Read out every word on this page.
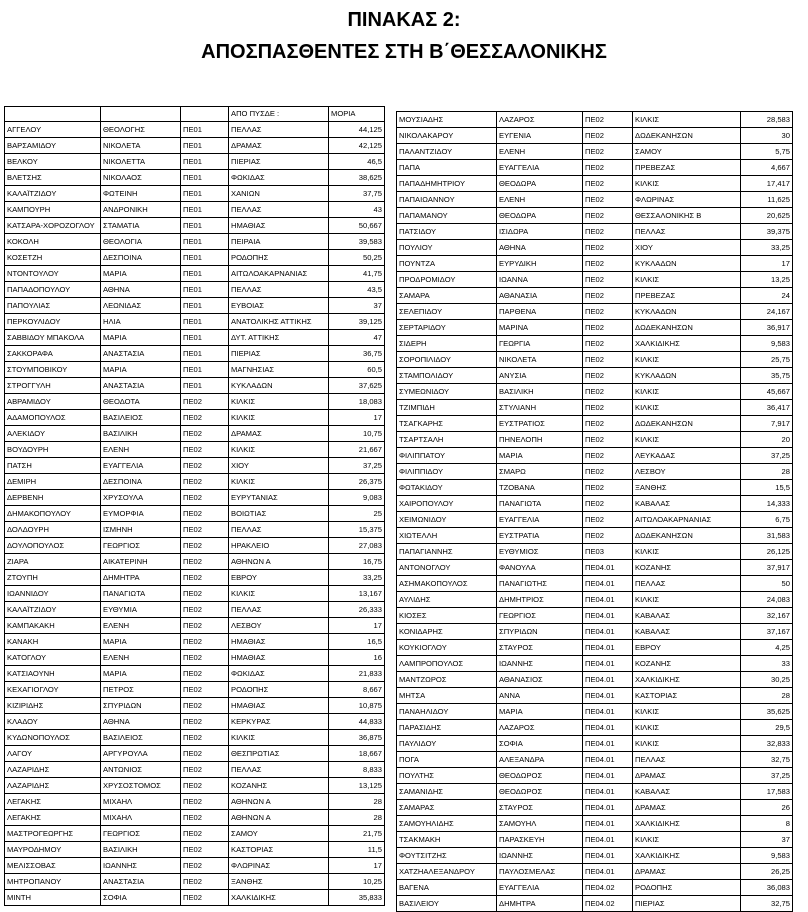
ΠΙΝΑΚΑΣ 2:
ΑΠΟΣΠΑΣΘΕΝΤΕΣ ΣΤΗ Β΄ΘΕΣΣΑΛΟΝΙΚΗΣ
			ΑΠΟ ΠΥΣΔΕ :	ΜΟΡΙΑ
ΑΓΓΕΛΟΥ	ΘΕΟΛΟΓΗΣ	ΠΕ01	ΠΕΛΛΑΣ	44,125
ΒΑΡΣΑΜΙΔΟΥ	ΝΙΚΟΛΕΤΑ	ΠΕ01	ΔΡΑΜΑΣ	42,125
ΒΕΛΚΟΥ	ΝΙΚΟΛΕΤΤΑ	ΠΕ01	ΠΙΕΡΙΑΣ	46,5
ΒΛΕΤΣΗΣ	ΝΙΚΟΛΑΟΣ	ΠΕ01	ΦΩΚΙΔΑΣ	38,625
ΚΑΛΑΪΤΖΙΔΟΥ	ΦΩΤΕΙΝΗ	ΠΕ01	ΧΑΝΙΩΝ	37,75
ΚΑΜΠΟΥΡΗ	ΑΝΔΡΟΝΙΚΗ	ΠΕ01	ΠΕΛΛΑΣ	43
ΚΑΤΣΑΡΑ-ΧΟΡΟΖΟΓΛΟΥ	ΣΤΑΜΑΤΙΑ	ΠΕ01	ΗΜΑΘΙΑΣ	50,667
ΚΟΚΟΛΗ	ΘΕΟΛΟΓΙΑ	ΠΕ01	ΠΕΙΡΑΙΑ	39,583
ΚΟΣΕΤΖΗ	ΔΕΣΠΟΙΝΑ	ΠΕ01	ΡΟΔΟΠΗΣ	50,25
ΝΤΟΝΤΟΥΛΟΥ	ΜΑΡΙΑ	ΠΕ01	ΑΙΤΩΛΟΑΚΑΡΝΑΝΙΑΣ	41,75
ΠΑΠΑΔΟΠΟΥΛΟΥ	ΑΘΗΝΑ	ΠΕ01	ΠΕΛΛΑΣ	43,5
ΠΑΠΟΥΛΙΑΣ	ΛΕΩΝΙΔΑΣ	ΠΕ01	ΕΥΒΟΙΑΣ	37
ΠΕΡΚΟΥΛΙΔΟΥ	ΗΛΙΑ	ΠΕ01	ΑΝΑΤΟΛΙΚΗΣ ΑΤΤΙΚΗΣ	39,125
ΣΑΒΒΙΔΟΥ ΜΠΑΚΟΛΑ	ΜΑΡΙΑ	ΠΕ01	ΔΥΤ. ΑΤΤΙΚΗΣ	47
ΣΑΚΚΟΡΑΦΑ	ΑΝΑΣΤΑΣΙΑ	ΠΕ01	ΠΙΕΡΙΑΣ	36,75
ΣΤΟΥΜΠΟΒΙΚΟΥ	ΜΑΡΙΑ	ΠΕ01	ΜΑΓΝΗΣΙΑΣ	60,5
ΣΤΡΟΓΓΥΛΗ	ΑΝΑΣΤΑΣΙΑ	ΠΕ01	ΚΥΚΛΑΔΩΝ	37,625
ΑΒΡΑΜΙΔΟΥ	ΘΕΟΔΟΤΑ	ΠΕ02	ΚΙΛΚΙΣ	18,083
ΑΔΑΜΟΠΟΥΛΟΣ	ΒΑΣΙΛΕΙΟΣ	ΠΕ02	ΚΙΛΚΙΣ	17
ΑΛΕΚΙΔΟΥ	ΒΑΣΙΛΙΚΗ	ΠΕ02	ΔΡΑΜΑΣ	10,75
ΒΟΥΔΟΥΡΗ	ΕΛΕΝΗ	ΠΕ02	ΚΙΛΚΙΣ	21,667
ΠΑΤΣΗ	ΕΥΑΓΓΕΛΙΑ	ΠΕ02	ΧΙΟΥ	37,25
ΔΕΜΙΡΗ	ΔΕΣΠΟΙΝΑ	ΠΕ02	ΚΙΛΚΙΣ	26,375
ΔΕΡΒΕΝΗ	ΧΡΥΣΟΥΛΑ	ΠΕ02	ΕΥΡΥΤΑΝΙΑΣ	9,083
ΔΗΜΑΚΟΠΟΥΛΟΥ	ΕΥΜΟΡΦΙΑ	ΠΕ02	ΒΟΙΩΤΙΑΣ	25
ΔΟΛΔΟΥΡΗ	ΙΣΜΗΝΗ	ΠΕ02	ΠΕΛΛΑΣ	15,375
ΔΟΥΛΟΠΟΥΛΟΣ	ΓΕΩΡΓΙΟΣ	ΠΕ02	ΗΡΑΚΛΕΙΟ	27,083
ΖΙΑΡΑ	ΑΙΚΑΤΕΡΙΝΗ	ΠΕ02	ΑΘΗΝΩΝ Α	16,75
ΖΤΟΥΠΗ	ΔΗΜΗΤΡΑ	ΠΕ02	ΕΒΡΟΥ	33,25
ΙΩΑΝΝΙΔΟΥ	ΠΑΝΑΓΙΩΤΑ	ΠΕ02	ΚΙΛΚΙΣ	13,167
ΚΑΛΑΪΤΖΙΔΟΥ	ΕΥΘΥΜΙΑ	ΠΕ02	ΠΕΛΛΑΣ	26,333
ΚΑΜΠΑΚΑΚΗ	ΕΛΕΝΗ	ΠΕ02	ΛΕΣΒΟΥ	17
ΚΑΝΑΚΗ	ΜΑΡΙΑ	ΠΕ02	ΗΜΑΘΙΑΣ	16,5
ΚΑΤΟΓΛΟΥ	ΕΛΕΝΗ	ΠΕ02	ΗΜΑΘΙΑΣ	16
ΚΑΤΣΙΑΟΥΝΗ	ΜΑΡΙΑ	ΠΕ02	ΦΩΚΙΔΑΣ	21,833
ΚΕΧΑΓΙΟΓΛΟΥ	ΠΕΤΡΟΣ	ΠΕ02	ΡΟΔΟΠΗΣ	8,667
ΚΙΖΙΡΙΔΗΣ	ΣΠΥΡΙΔΩΝ	ΠΕ02	ΗΜΑΘΙΑΣ	10,875
ΚΛΑΔΟΥ	ΑΘΗΝΑ	ΠΕ02	ΚΕΡΚΥΡΑΣ	44,833
ΚΥΔΩΝΟΠΟΥΛΟΣ	ΒΑΣΙΛΕΙΟΣ	ΠΕ02	ΚΙΛΚΙΣ	36,875
ΛΑΓΟΥ	ΑΡΓΥΡΟΥΛΑ	ΠΕ02	ΘΕΣΠΡΩΤΙΑΣ	18,667
ΛΑΖΑΡΙΔΗΣ	ΑΝΤΩΝΙΟΣ	ΠΕ02	ΠΕΛΛΑΣ	8,833
ΛΑΖΑΡΙΔΗΣ	ΧΡΥΣΟΣΤΟΜΟΣ	ΠΕ02	ΚΟΖΑΝΗΣ	13,125
ΛΕΓΑΚΗΣ	ΜΙΧΑΗΛ	ΠΕ02	ΑΘΗΝΩΝ Α	28
ΛΕΓΑΚΗΣ	ΜΙΧΑΗΛ	ΠΕ02	ΑΘΗΝΩΝ Α	28
ΜΑΣΤΡΟΓΕΩΡΓΗΣ	ΓΕΩΡΓΙΟΣ	ΠΕ02	ΣΑΜΟΥ	21,75
ΜΑΥΡΟΔΗΜΟΥ	ΒΑΣΙΛΙΚΗ	ΠΕ02	ΚΑΣΤΟΡΙΑΣ	11,5
ΜΕΛΙΣΣΟΒΑΣ	ΙΩΑΝΝΗΣ	ΠΕ02	ΦΛΩΡΙΝΑΣ	17
ΜΗΤΡΟΠΑΝΟΥ	ΑΝΑΣΤΑΣΙΑ	ΠΕ02	ΞΑΝΘΗΣ	10,25
ΜΙΝΤΗ	ΣΟΦΙΑ	ΠΕ02	ΧΑΛΚΙΔΙΚΗΣ	35,833
ΜΟΥΣΙΑΔΗΣ	ΛΑΖΑΡΟΣ	ΠΕ02	ΚΙΛΚΙΣ	28,583
ΝΙΚΟΛΑΚΑΡΟΥ	ΕΥΓΕΝΙΑ	ΠΕ02	ΔΩΔΕΚΑΝΗΣΩΝ	30
ΠΑΛΑΝΤΖΙΔΟΥ	ΕΛΕΝΗ	ΠΕ02	ΣΑΜΟΥ	5,75
ΠΑΠΑ	ΕΥΑΓΓΕΛΙΑ	ΠΕ02	ΠΡΕΒΕΖΑΣ	4,667
ΠΑΠΑΔΗΜΗΤΡΙΟΥ	ΘΕΟΔΩΡΑ	ΠΕ02	ΚΙΛΚΙΣ	17,417
ΠΑΠΑΙΩΑΝΝΟΥ	ΕΛΕΝΗ	ΠΕ02	ΦΛΩΡΙΝΑΣ	11,625
ΠΑΠΑΜΑΝΟΥ	ΘΕΟΔΩΡΑ	ΠΕ02	ΘΕΣΣΑΛΟΝΙΚΗΣ Β	20,625
ΠΑΤΣΙΔΟΥ	ΙΣΙΔΩΡΑ	ΠΕ02	ΠΕΛΛΑΣ	39,375
ΠΟΥΛΙΟΥ	ΑΘΗΝΑ	ΠΕ02	ΧΙΟΥ	33,25
ΠΟΥΝΤΖΑ	ΕΥΡΥΔΙΚΗ	ΠΕ02	ΚΥΚΛΑΔΩΝ	17
ΠΡΟΔΡΟΜΙΔΟΥ	ΙΩΑΝΝΑ	ΠΕ02	ΚΙΛΚΙΣ	13,25
ΣΑΜΑΡΑ	ΑΘΑΝΑΣΙΑ	ΠΕ02	ΠΡΕΒΕΖΑΣ	24
ΣΕΛΕΠΙΔΟΥ	ΠΑΡΘΕΝΑ	ΠΕ02	ΚΥΚΛΑΔΩΝ	24,167
ΣΕΡΤΑΡΙΔΟΥ	ΜΑΡΙΝΑ	ΠΕ02	ΔΩΔΕΚΑΝΗΣΩΝ	36,917
ΣΙΔΕΡΗ	ΓΕΩΡΓΙΑ	ΠΕ02	ΧΑΛΚΙΔΙΚΗΣ	9,583
ΣΟΡΟΠΙΛΙΔΟΥ	ΝΙΚΟΛΕΤΑ	ΠΕ02	ΚΙΛΚΙΣ	25,75
ΣΤΑΜΠΟΛΙΔΟΥ	ΑΝΥΣΙΑ	ΠΕ02	ΚΥΚΛΑΔΩΝ	35,75
ΣΥΜΕΩΝΙΔΟΥ	ΒΑΣΙΛΙΚΗ	ΠΕ02	ΚΙΛΚΙΣ	45,667
ΤΖΙΜΠΙΔΗ	ΣΤΥΛΙΑΝΗ	ΠΕ02	ΚΙΛΚΙΣ	36,417
ΤΣΑΓΚΑΡΗΣ	ΕΥΣΤΡΑΤΙΟΣ	ΠΕ02	ΔΩΔΕΚΑΝΗΣΩΝ	7,917
ΤΣΑΡΤΣΑΛΗ	ΠΗΝΕΛΟΠΗ	ΠΕ02	ΚΙΛΚΙΣ	20
ΦΙΛΙΠΠΑΤΟΥ	ΜΑΡΙΑ	ΠΕ02	ΛΕΥΚΑΔΑΣ	37,25
ΦΙΛΙΠΠΙΔΟΥ	ΣΜΑΡΩ	ΠΕ02	ΛΕΣΒΟΥ	28
ΦΩΤΑΚΙΔΟΥ	ΤΖΟΒΑΝΑ	ΠΕ02	ΞΑΝΘΗΣ	15,5
ΧΑΙΡΟΠΟΥΛΟΥ	ΠΑΝΑΓΙΩΤΑ	ΠΕ02	ΚΑΒΑΛΑΣ	14,333
ΧΕΙΜΩΝΙΔΟΥ	ΕΥΑΓΓΕΛΙΑ	ΠΕ02	ΑΙΤΩΛΟΑΚΑΡΝΑΝΙΑΣ	6,75
ΧΙΩΤΕΛΛΗ	ΕΥΣΤΡΑΤΙΑ	ΠΕ02	ΔΩΔΕΚΑΝΗΣΩΝ	31,583
ΠΑΠΑΓΙΑΝΝΗΣ	ΕΥΘΥΜΙΟΣ	ΠΕ03	ΚΙΛΚΙΣ	26,125
ΑΝΤΟΝΟΓΛΟΥ	ΦΑΝΟΥΛΑ	ΠΕ04.01	ΚΟΖΑΝΗΣ	37,917
ΑΣΗΜΑΚΟΠΟΥΛΟΣ	ΠΑΝΑΓΙΩΤΗΣ	ΠΕ04.01	ΠΕΛΛΑΣ	50
ΑΥΛΙΔΗΣ	ΔΗΜΗΤΡΙΟΣ	ΠΕ04.01	ΚΙΛΚΙΣ	24,083
ΚΙΟΣΕΣ	ΓΕΩΡΓΙΟΣ	ΠΕ04.01	ΚΑΒΑΛΑΣ	32,167
ΚΟΝΙΔΑΡΗΣ	ΣΠΥΡΙΔΩΝ	ΠΕ04.01	ΚΑΒΑΛΑΣ	37,167
ΚΟΥΚΙΟΓΛΟΥ	ΣΤΑΥΡΟΣ	ΠΕ04.01	ΕΒΡΟΥ	4,25
ΛΑΜΠΡΟΠΟΥΛΟΣ	ΙΩΑΝΝΗΣ	ΠΕ04.01	ΚΟΖΑΝΗΣ	33
ΜΑΝΤΖΩΡΟΣ	ΑΘΑΝΑΣΙΟΣ	ΠΕ04.01	ΧΑΛΚΙΔΙΚΗΣ	30,25
ΜΗΤΣΑ	ΑΝΝΑ	ΠΕ04.01	ΚΑΣΤΟΡΙΑΣ	28
ΠΑΝΑΗΛΙΔΟΥ	ΜΑΡΙΑ	ΠΕ04.01	ΚΙΛΚΙΣ	35,625
ΠΑΡΑΣΙΔΗΣ	ΛΑΖΑΡΟΣ	ΠΕ04.01	ΚΙΛΚΙΣ	29,5
ΠΑΥΛΙΔΟΥ	ΣΟΦΙΑ	ΠΕ04.01	ΚΙΛΚΙΣ	32,833
ΠΟΓΑ	ΑΛΕΞΑΝΔΡΑ	ΠΕ04.01	ΠΕΛΛΑΣ	32,75
ΠΟΥΛΤΗΣ	ΘΕΟΔΩΡΟΣ	ΠΕ04.01	ΔΡΑΜΑΣ	37,25
ΣΑΜΑΝΙΔΗΣ	ΘΕΟΔΩΡΟΣ	ΠΕ04.01	ΚΑΒΑΛΑΣ	17,583
ΣΑΜΑΡΑΣ	ΣΤΑΥΡΟΣ	ΠΕ04.01	ΔΡΑΜΑΣ	26
ΣΑΜΟΥΗΛΙΔΗΣ	ΣΑΜΟΥΗΛ	ΠΕ04.01	ΧΑΛΚΙΔΙΚΗΣ	8
ΤΣΑΚΜΑΚΗ	ΠΑΡΑΣΚΕΥΗ	ΠΕ04.01	ΚΙΛΚΙΣ	37
ΦΟΥΤΣΙΤΖΗΣ	ΙΩΑΝΝΗΣ	ΠΕ04.01	ΧΑΛΚΙΔΙΚΗΣ	9,583
ΧΑΤΖΗΑΛΕΞΑΝΔΡΟΥ	ΠΑΥΛΟΣΜΕΛΑΣ	ΠΕ04.01	ΔΡΑΜΑΣ	26,25
ΒΑΓΕΝΑ	ΕΥΑΓΓΕΛΙΑ	ΠΕ04.02	ΡΟΔΟΠΗΣ	36,083
ΒΑΣΙΛΕΙΟΥ	ΔΗΜΗΤΡΑ	ΠΕ04.02	ΠΙΕΡΙΑΣ	32,75
